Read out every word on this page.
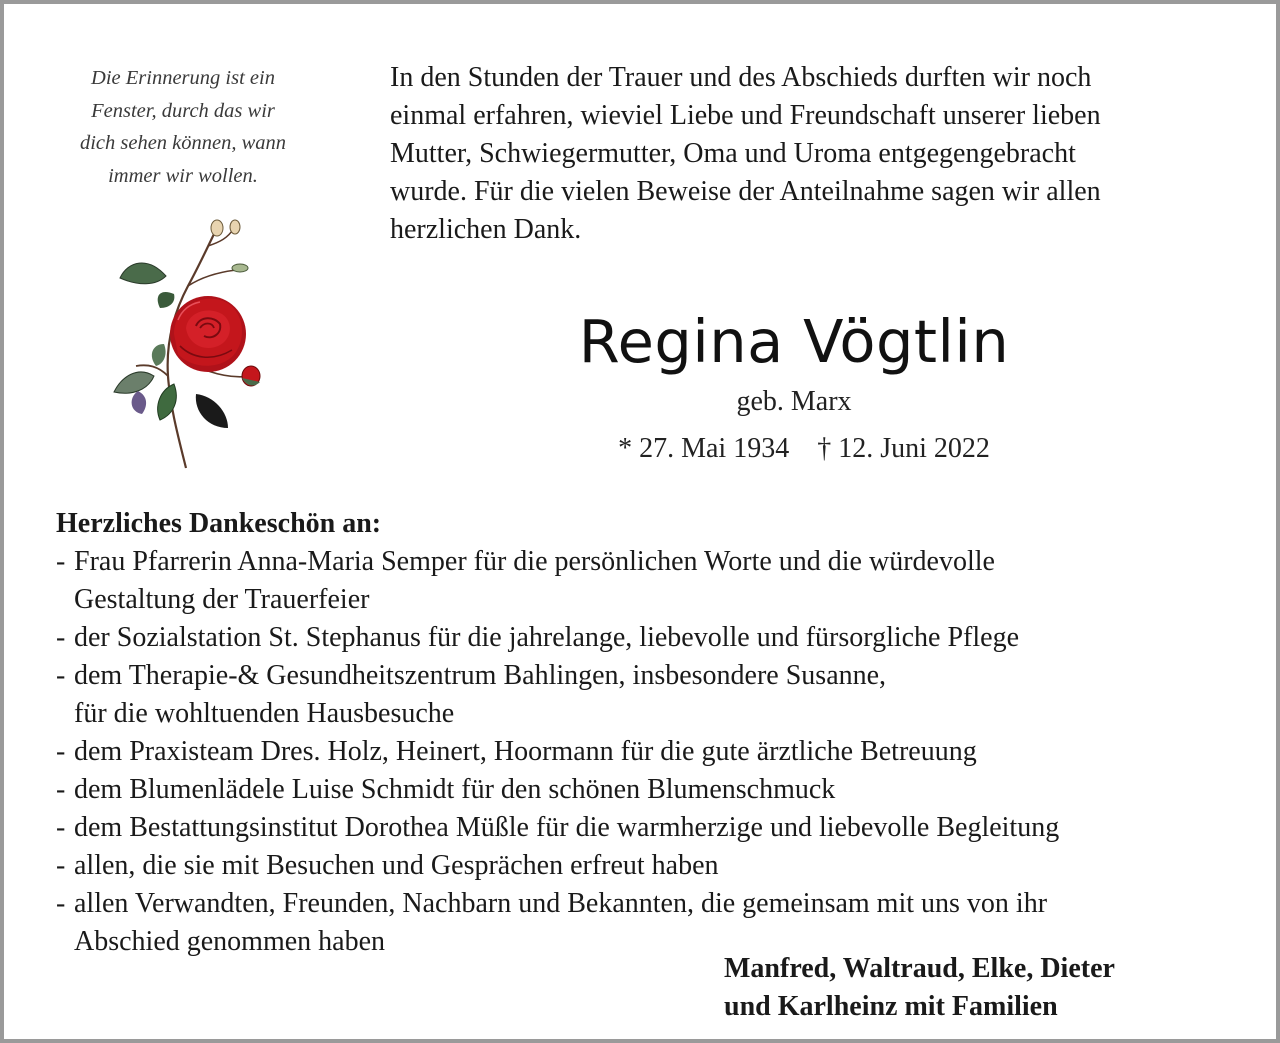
Die Erinnerung ist ein
Fenster, durch das wir
dich sehen können, wann
immer wir wollen.
In den Stunden der Trauer und des Abschieds durften wir noch
einmal erfahren, wieviel Liebe und Freundschaft unserer lieben
Mutter, Schwiegermutter, Oma und Uroma entgegengebracht
wurde. Für die vielen Beweise der Anteilnahme sagen wir allen
herzlichen Dank.
Regina Vögtlin
geb. Marx
* 27. Mai 1934 † 12. Juni 2022
Herzliches Dankeschön an:
- Frau Pfarrerin Anna-Maria Semper für die persönlichen Worte und die würdevolle
Gestaltung der Trauerfeier
- der Sozialstation St. Stephanus für die jahrelange, liebevolle und fürsorgliche Pflege
- dem Therapie-& Gesundheitszentrum Bahlingen, insbesondere Susanne,
für die wohltuenden Hausbesuche
- dem Praxisteam Dres. Holz, Heinert, Hoormann für die gute ärztliche Betreuung
- dem Blumenlädele Luise Schmidt für den schönen Blumenschmuck
- dem Bestattungsinstitut Dorothea Müßle für die warmherzige und liebevolle Begleitung
- allen, die sie mit Besuchen und Gesprächen erfreut haben
- allen Verwandten, Freunden, Nachbarn und Bekannten, die gemeinsam mit uns von ihr
Abschied genommen haben
Manfred, Waltraud, Elke, Dieter
und Karlheinz mit Familien
